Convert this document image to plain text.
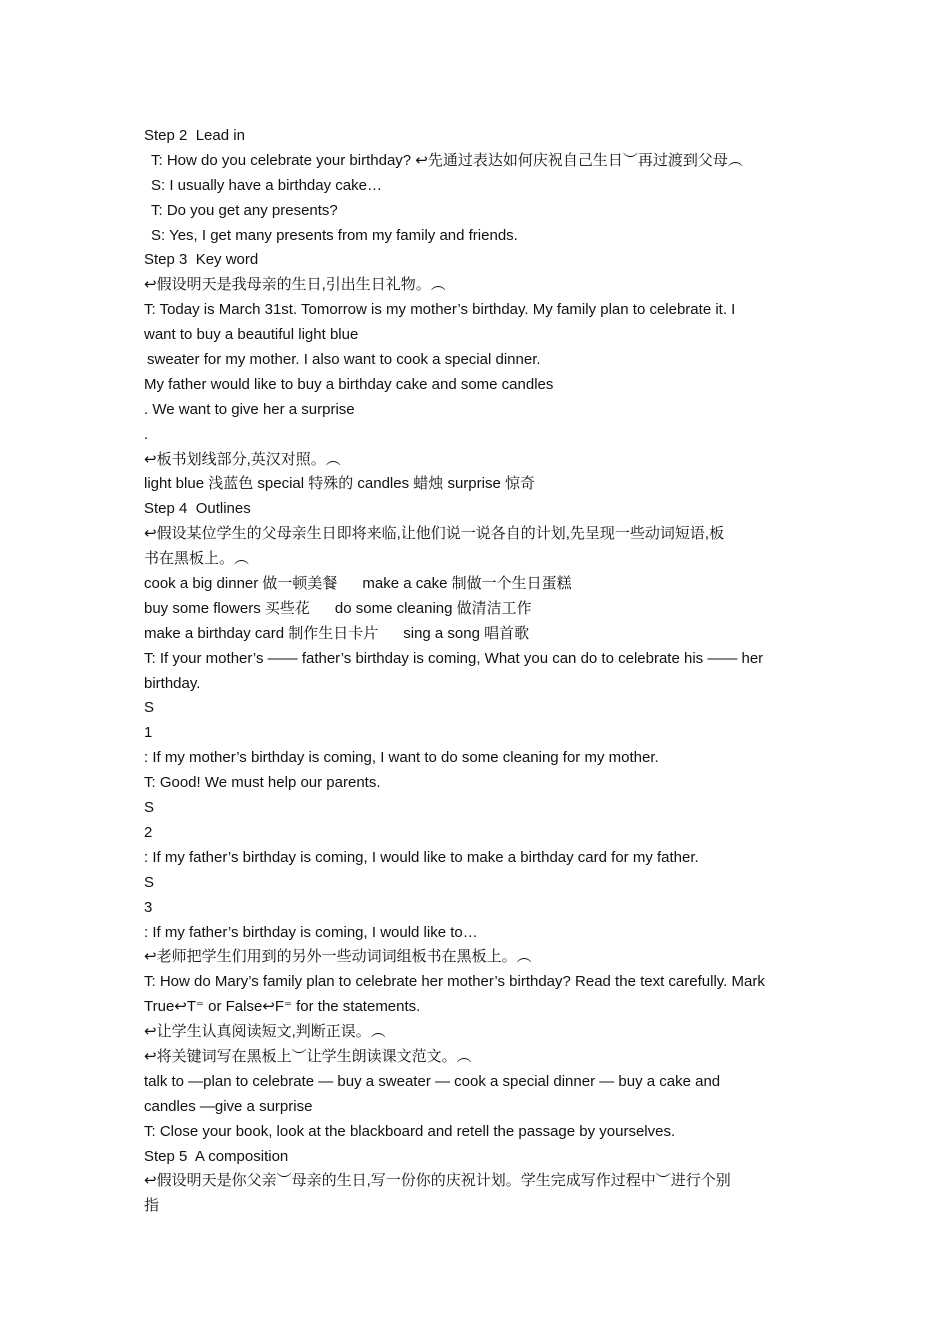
Step 2  Lead in
T: How do you celebrate your birthday? ↩先通过表达如何庆祝自己生日︶再过渡到父母︵
S: I usually have a birthday cake…
T: Do you get any presents?
S: Yes, I get many presents from my family and friends.
Step 3  Key word
↩假设明天是我母亲的生日,引出生日礼物。︵
T: Today is March 31st. Tomorrow is my mother’s birthday. My family plan to celebrate it. I
want to buy a beautiful light blue
sweater for my mother. I also want to cook a special dinner.
My father would like to buy a birthday cake and some candles
. We want to give her a surprise
.
↩板书划线部分,英汉对照。︵
light blue 浅蓝色 special 特殊的 candles 蜡烛 surprise 惊奇
Step 4  Outlines
↩假设某位学生的父母亲生日即将来临,让他们说一说各自的计划,先呈现一些动词短语,板
书在黑板上。︵
cook a big dinner 做一顿美餐      make a cake 制做一个生日蛋糕
buy some flowers 买些花      do some cleaning 做清洁工作
make a birthday card 制作生日卡片      sing a song 唱首歌
T: If your mother’s —— father’s birthday is coming, What you can do to celebrate his —— her
birthday.
S
1
: If my mother’s birthday is coming, I want to do some cleaning for my mother.
T: Good! We must help our parents.
S
2
: If my father’s birthday is coming, I would like to make a birthday card for my father.
S
3
: If my father’s birthday is coming, I would like to…
↩老师把学生们用到的另外一些动词词组板书在黑板上。︵
T: How do Mary’s family plan to celebrate her mother’s birthday? Read the text carefully. Mark
True↩T⁼ or False↩F⁼ for the statements.
↩让学生认真阅读短文,判断正误。︵
↩将关键词写在黑板上︶让学生朗读课文范文。︵
talk to —plan to celebrate — buy a sweater — cook a special dinner — buy a cake and
candles —give a surprise
T: Close your book, look at the blackboard and retell the passage by yourselves.
Step 5  A composition
↩假设明天是你父亲︶母亲的生日,写一份你的庆祝计划。学生完成写作过程中︶进行个别
指
